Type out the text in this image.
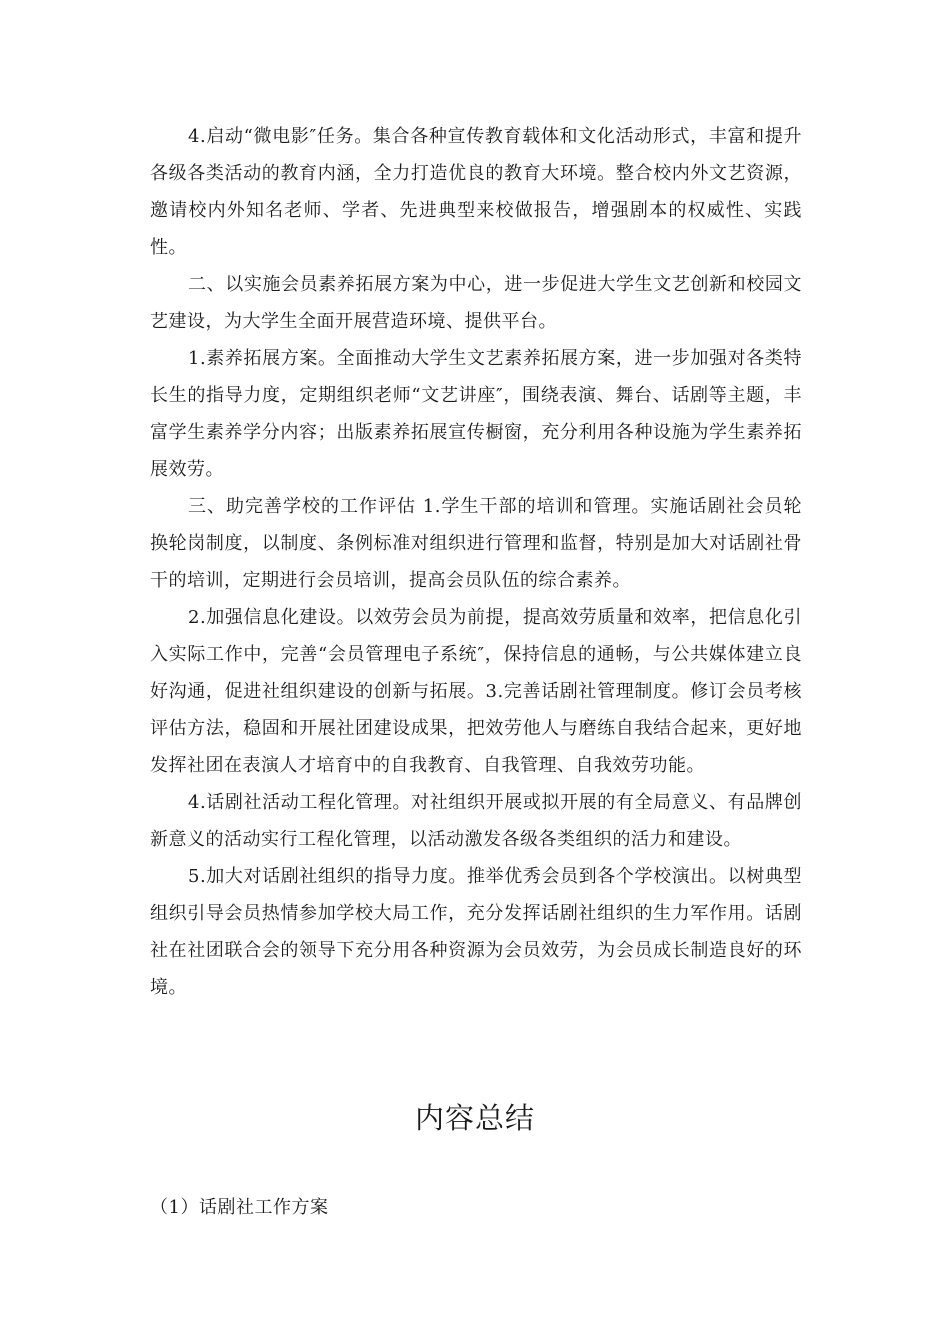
4.启动“微电影″任务。集合各种宣传教育载体和文化活动形式，丰富和提升各级各类活动的教育内涵，全力打造优良的教育大环境。整合校内外文艺资源，邀请校内外知名老师、学者、先进典型来校做报告，增强剧本的权威性、实践性。

二、以实施会员素养拓展方案为中心，进一步促进大学生文艺创新和校园文艺建设，为大学生全面开展营造环境、提供平台。

1.素养拓展方案。全面推动大学生文艺素养拓展方案，进一步加强对各类特长生的指导力度，定期组织老师“文艺讲座″，围绕表演、舞台、话剧等主题，丰富学生素养学分内容；出版素养拓展宣传橱窗，充分利用各种设施为学生素养拓展效劳。

三、助完善学校的工作评估 1.学生干部的培训和管理。实施话剧社会员轮换轮岗制度，以制度、条例标准对组织进行管理和监督，特别是加大对话剧社骨干的培训，定期进行会员培训，提高会员队伍的综合素养。

2.加强信息化建设。以效劳会员为前提，提高效劳质量和效率，把信息化引入实际工作中，完善“会员管理电子系统″，保持信息的通畅，与公共媒体建立良好沟通，促进社组织建设的创新与拓展。3.完善话剧社管理制度。修订会员考核评估方法，稳固和开展社团建设成果，把效劳他人与磨练自我结合起来，更好地发挥社团在表演人才培育中的自我教育、自我管理、自我效劳功能。

4.话剧社活动工程化管理。对社组织开展或拟开展的有全局意义、有品牌创新意义的活动实行工程化管理，以活动激发各级各类组织的活力和建设。

5.加大对话剧社组织的指导力度。推举优秀会员到各个学校演出。以树典型组织引导会员热情参加学校大局工作，充分发挥话剧社组织的生力军作用。话剧社在社团联合会的领导下充分用各种资源为会员效劳，为会员成长制造良好的环境。

内容总结
（1）话剧社工作方案
